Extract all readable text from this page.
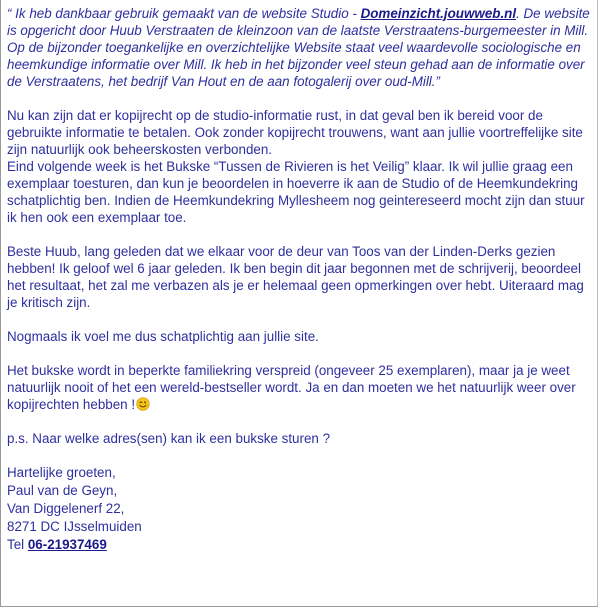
“ Ik heb dankbaar gebruik gemaakt van de website Studio - Domeinzicht.jouwweb.nl. De website is opgericht door Huub Verstraaten de kleinzoon van de laatste Verstraatens-burgemeester in Mill. Op de bijzonder toegankelijke en overzichtelijke Website staat veel waardevolle sociologische en heemkundige informatie over Mill. Ik heb in het bijzonder veel steun gehad aan de informatie over de Verstraatens, het bedrijf Van Hout en de aan fotogalerij over oud-Mill.”

Nu kan zijn dat er kopijrecht op de studio-informatie rust, in dat geval ben ik bereid voor de gebruikte informatie te betalen. Ook zonder kopijrecht trouwens, want aan jullie voortreffelijke site zijn natuurlijk ook beheerskosten verbonden.

Eind volgende week is het Bukske “Tussen de Rivieren is het Veilig” klaar. Ik wil jullie graag een exemplaar toesturen, dan kun je beoordelen in hoeverre ik aan de Studio of de Heemkundekring schatplichtig ben. Indien de Heemkundekring Myllesheem nog geintereseerd mocht zijn dan stuur ik hen ook een exemplaar toe.

Beste Huub, lang geleden dat we elkaar voor de deur van Toos van der Linden-Derks gezien hebben! Ik geloof wel 6 jaar geleden. Ik ben begin dit jaar begonnen met de schrijverij, beoordeel het resultaat, het zal me verbazen als je er helemaal geen opmerkingen over hebt. Uiteraard mag je kritisch zijn.

Nogmaals ik voel me dus schatplichtig aan jullie site.

Het bukske wordt in beperkte familiekring verspreid (ongeveer 25 exemplaren), maar ja je weet natuurlijk nooit of het een wereld-bestseller wordt. Ja en dan moeten we het natuurlijk weer over kopijrechten hebben !

p.s. Naar welke adres(sen) kan ik een bukske sturen ?

Hartelijke groeten,

Paul van de Geyn,

Van Diggelenerf 22,

8271 DC IJsselmuiden

Tel 06-21937469
